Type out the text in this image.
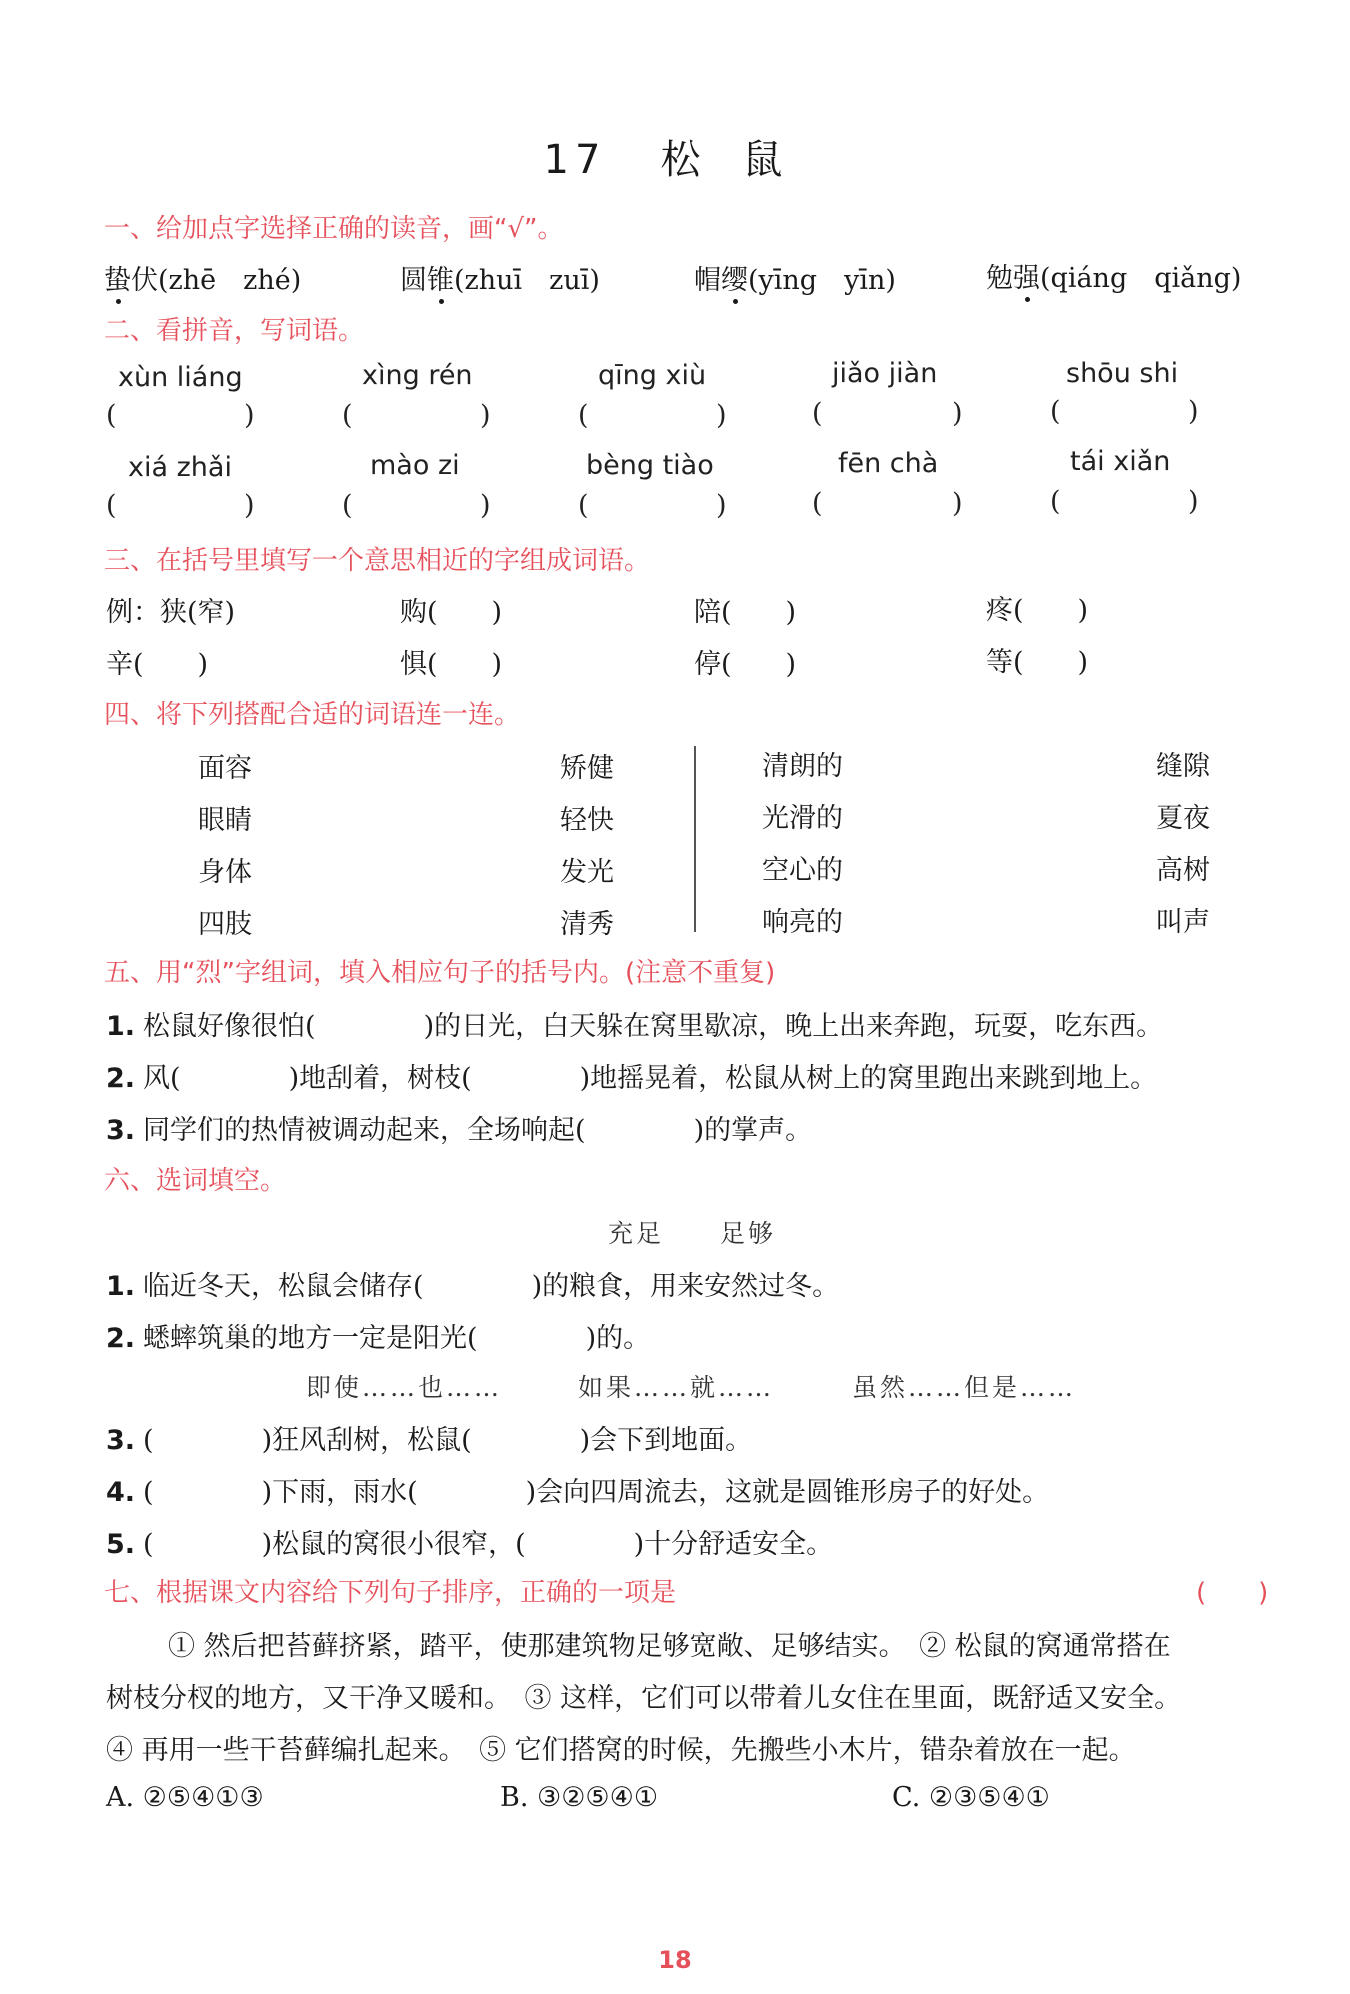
17 松 鼠
一、给加点字选择正确的读音，画“√”。
蛰伏(zhē　zhé)	圆锥(zhuī　zuī)	帽缨(yīng　yīn)	勉强(qiáng　qiǎng)
二、看拼音，写词语。
xùn liáng	xìng rén	qīng xiù	jiǎo jiàn	shōu shi
(	)	(	)	(	)	(	)	(	)
xiá zhǎi	mào zi	bèng tiào	fēn chà	tái xiǎn
(	)	(	)	(	)	(	)	(	)
三、在括号里填写一个意思相近的字组成词语。
例：狭(窄)	购(　　)	陪(　　)	疼(　　)
辛(　　)	惧(　　)	停(　　)	等(　　)
四、将下列搭配合适的词语连一连。
面容
眼睛
身体
四肢
矫健
轻快
发光
清秀
清朗的
光滑的
空心的
响亮的
缝隙
夏夜
高树
叫声
五、用“烈”字组词，填入相应句子的括号内。(注意不重复)
1. 松鼠好像很怕(　　　　)的日光，白天躲在窝里歇凉，晚上出来奔跑，玩耍，吃东西。
2. 风(　　　　)地刮着，树枝(　　　　)地摇晃着，松鼠从树上的窝里跑出来跳到地上。
3. 同学们的热情被调动起来，全场响起(　　　　)的掌声。
六、选词填空。
充足　　足够
1. 临近冬天，松鼠会储存(　　　　)的粮食，用来安然过冬。
2. 蟋蟀筑巢的地方一定是阳光(　　　　)的。
即使……也……	如果……就……	虽然……但是……
3. (　　　　)狂风刮树，松鼠(　　　　)会下到地面。
4. (　　　　)下雨，雨水(　　　　)会向四周流去，这就是圆锥形房子的好处。
5. (　　　　)松鼠的窝很小很窄，(　　　　)十分舒适安全。
七、根据课文内容给下列句子排序，正确的一项是	(　　)
① 然后把苔藓挤紧，踏平，使那建筑物足够宽敞、足够结实。　② 松鼠的窝通常搭在
树枝分杈的地方，又干净又暖和。　③ 这样，它们可以带着儿女住在里面，既舒适又安全。
④ 再用一些干苔藓编扎起来。　⑤ 它们搭窝的时候，先搬些小木片，错杂着放在一起。
A. ②⑤④①③	B. ③②⑤④①	C. ②③⑤④①
18
